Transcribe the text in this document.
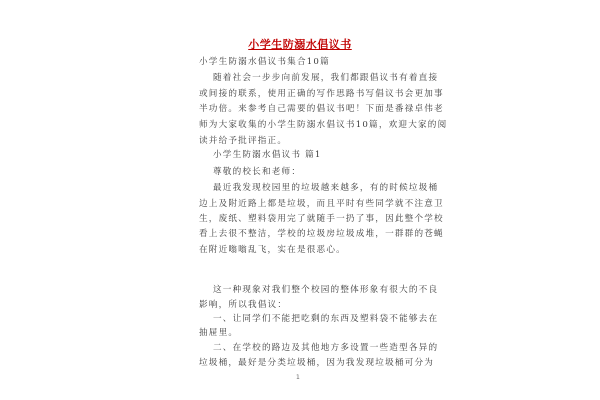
小学生防溺水倡议书
小学生防溺水倡议书集合10篇
随着社会一步步向前发展，我们都跟倡议书有着直接
或间接的联系，使用正确的写作思路书写倡议书会更加事
半功倍。来参考自己需要的倡议书吧！下面是番禄卓伟老
师为大家收集的小学生防溺水倡议书10篇，欢迎大家的阅
读并给予批评指正。
小学生防溺水倡议书 篇1
尊敬的校长和老师：
最近我发现校园里的垃圾越来越多，有的时候垃圾桶
边上及附近路上都是垃圾，而且平时有些同学就不注意卫
生，废纸、塑料袋用完了就随手一扔了事，因此整个学校
看上去很不整洁，学校的垃圾房垃圾成堆，一群群的苍蝇
在附近嗡嗡乱飞，实在是很恶心。
这一种现象对我们整个校园的整体形象有很大的不良
影响，所以我倡议：
一、让同学们不能把吃剩的东西及塑料袋不能够去在
抽屉里。
二、在学校的路边及其他地方多设置一些造型各异的
垃圾桶，最好是分类垃圾桶，因为我发现垃圾桶可分为
1
